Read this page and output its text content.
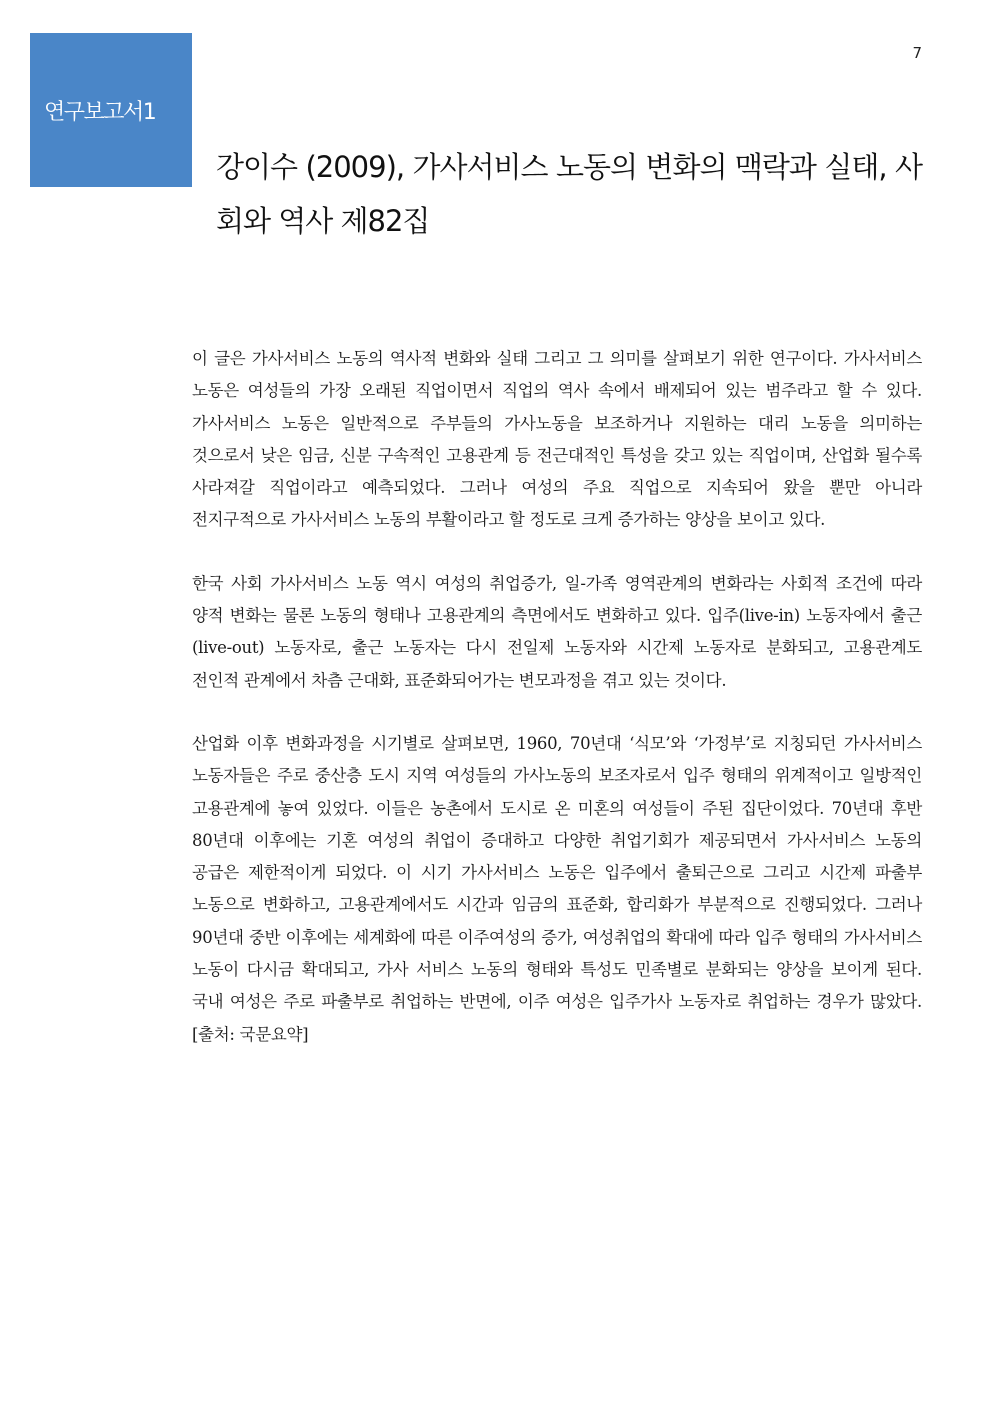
연구보고서1
7
강이수 (2009), 가사서비스 노동의 변화의 맥락과 실태, 사회와 역사 제82집

이 글은 가사서비스 노동의 역사적 변화와 실태 그리고 그 의미를 살펴보기 위한 연구이다. 가사서비스 노동은 여성들의 가장 오래된 직업이면서 직업의 역사 속에서 배제되어 있는 범주라고 할 수 있다. 가사서비스 노동은 일반적으로 주부들의 가사노동을 보조하거나 지원하는 대리 노동을 의미하는 것으로서 낮은 임금, 신분 구속적인 고용관계 등 전근대적인 특성을 갖고 있는 직업이며, 산업화 될수록 사라져갈 직업이라고 예측되었다. 그러나 여성의 주요 직업으로 지속되어 왔을 뿐만 아니라 전지구적으로 가사서비스 노동의 부활이라고 할 정도로 크게 증가하는 양상을 보이고 있다.

한국 사회 가사서비스 노동 역시 여성의 취업증가, 일-가족 영역관계의 변화라는 사회적 조건에 따라 양적 변화는 물론 노동의 형태나 고용관계의 측면에서도 변화하고 있다. 입주(live-in) 노동자에서 출근(live-out) 노동자로, 출근 노동자는 다시 전일제 노동자와 시간제 노동자로 분화되고, 고용관계도 전인적 관계에서 차츰 근대화, 표준화되어가는 변모과정을 겪고 있는 것이다.

산업화 이후 변화과정을 시기별로 살펴보면, 1960, 70년대 ‘식모’와 ‘가정부’로 지칭되던 가사서비스 노동자들은 주로 중산층 도시 지역 여성들의 가사노동의 보조자로서 입주 형태의 위계적이고 일방적인 고용관계에 놓여 있었다. 이들은 농촌에서 도시로 온 미혼의 여성들이 주된 집단이었다. 70년대 후반 80년대 이후에는 기혼 여성의 취업이 증대하고 다양한 취업기회가 제공되면서 가사서비스 노동의 공급은 제한적이게 되었다. 이 시기 가사서비스 노동은 입주에서 출퇴근으로 그리고 시간제 파출부 노동으로 변화하고, 고용관계에서도 시간과 임금의 표준화, 합리화가 부분적으로 진행되었다. 그러나 90년대 중반 이후에는 세계화에 따른 이주여성의 증가, 여성취업의 확대에 따라 입주 형태의 가사서비스 노동이 다시금 확대되고, 가사 서비스 노동의 형태와 특성도 민족별로 분화되는 양상을 보이게 된다. 국내 여성은 주로 파출부로 취업하는 반면에, 이주 여성은 입주가사 노동자로 취업하는 경우가 많았다. [출처: 국문요약]
